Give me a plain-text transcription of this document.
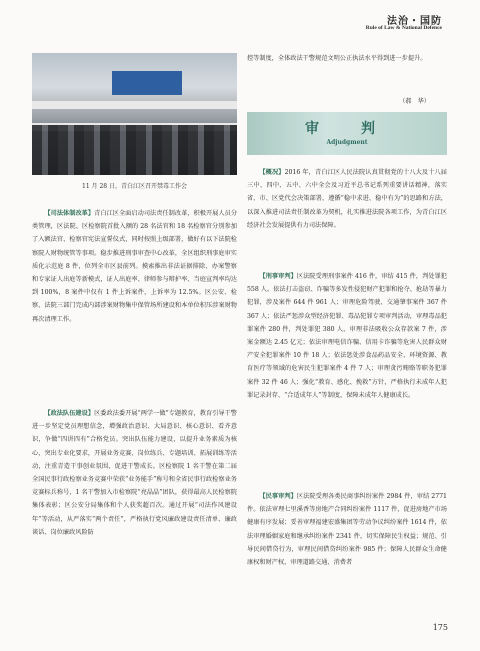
法治・国防
Rule of Law & National Defence
11 月 28 日，青白江区召开禁毒工作会

【司法体制改革】青白江区全面启动司法责任制改革，积极开展人员分类管理，区法院、区检察院首批入额的 28 名法官和 18 名检察官分别参加了入额法官、检察官宪法宣誓仪式，同时按照上级部署，做好有以下法院检察院人财物统管等事项。稳步推进刑事审查中心改革，全区组织刑事庭审实质化示范庭 8 件，位列全市区县前列。摸索推出非法证据排除、办案警察和专家证人出庭等新模式，证人出庭率、律师参与辩护率、当庭宣判率均达到 100%，8 案件中仅有 1 件上诉案件，上诉率为 12.5%。区公安、检察、法院三部门完成内部涉案财物集中保管场所建设和本单位积压涉案财物再次清理工作。

【政法队伍建设】区委政法委开展“两学一做”专题教育，教育引导干警进一步坚定党员理想信念，增强政治意识、大局意识、核心意识、看齐意识，争做“四讲四有”合格党员。突出队伍能力建设，以提升业务素质为核心，突出专业化要求，开展业务竞赛、岗位练兵、专题培训、拓展训练等活动，注重青造干事创业氛围，促进干警成长。区检察院 1 名干警在第二届全国民事行政检察业务竞赛中荣获“业务能手”称号和全省民事行政检察业务竞赛标兵称号，1 名干警加入市检察院“亮晶晶”团队，获得最高人民检察院集体表彰；区公安分局集体和个人获奖超百次。通过开展“司法作风建设年”等活动，从严落实“两个责任”，严格执行党风廉政建设责任清单、廉政谈话、岗位廉政风险防

控等制度，全体政法干警规范文明公正执法水平得到进一步提升。

（郝　华）
审　判
Adjudgment

【概况】2016 年，青白江区人民法院认真贯彻党的十八大及十八届三中、四中、五中、六中全会及习近平总书记系列重要讲话精神，落实省、市、区党代会决策部署，遵循“稳中求进、稳中有为”的思路和方法，以深入推进司法责任制改革为契机，扎实推进法院各项工作，为青白江区经济社会发展提供有力司法保障。

【刑事审判】区法院受理刑事案件 416 件，审结 415 件，判处罪犯 558 人。依法打击盗窃、诈骗等多发性侵犯财产犯罪和抢夺、抢劫等暴力犯罪，涉及案件 644 件 961 人；审理危险驾驶、交通肇事案件 367 件 367 人；依法严惩涉众型经济犯罪、毒品犯罪专项审判活动，审理毒品犯罪案件 280 件，判处罪犯 380 人，审理非法吸收公众存款案 7 件，涉案金额达 2.45 亿元；依法审理电信诈骗、信用卡诈骗等危害人民群众财产安全犯罪案件 10 件 18 人；依法惩处涉食品药品安全、环境资源、教育医疗等领域的危害民生犯罪案件 4 件 7 人；审理贪污贿赂等职务犯罪案件 32 件 46 人；强化“教育、感化、挽救”方针，严格执行未成年人犯罪记录封存、“合适成年人”等制度，保障未成年人健康成长。

【民事审判】区法院受理各类民商事纠纷案件 2984 件，审结 2771 件。依法审理七里溪香等房地产合同纠纷案件 1117 件，促进房地产市场健康有序发展；妥善审理福建宏盛集团等劳动争议纠纷案件 1614 件，依法审理婚姻家庭和继承纠纷案件 2341 件，切实保障民生权益；规范、引导民间借贷行为，审理民间借贷纠纷案件 985 件；保障人民群众生命健康权和财产权，审理道路交通、消费者

175
